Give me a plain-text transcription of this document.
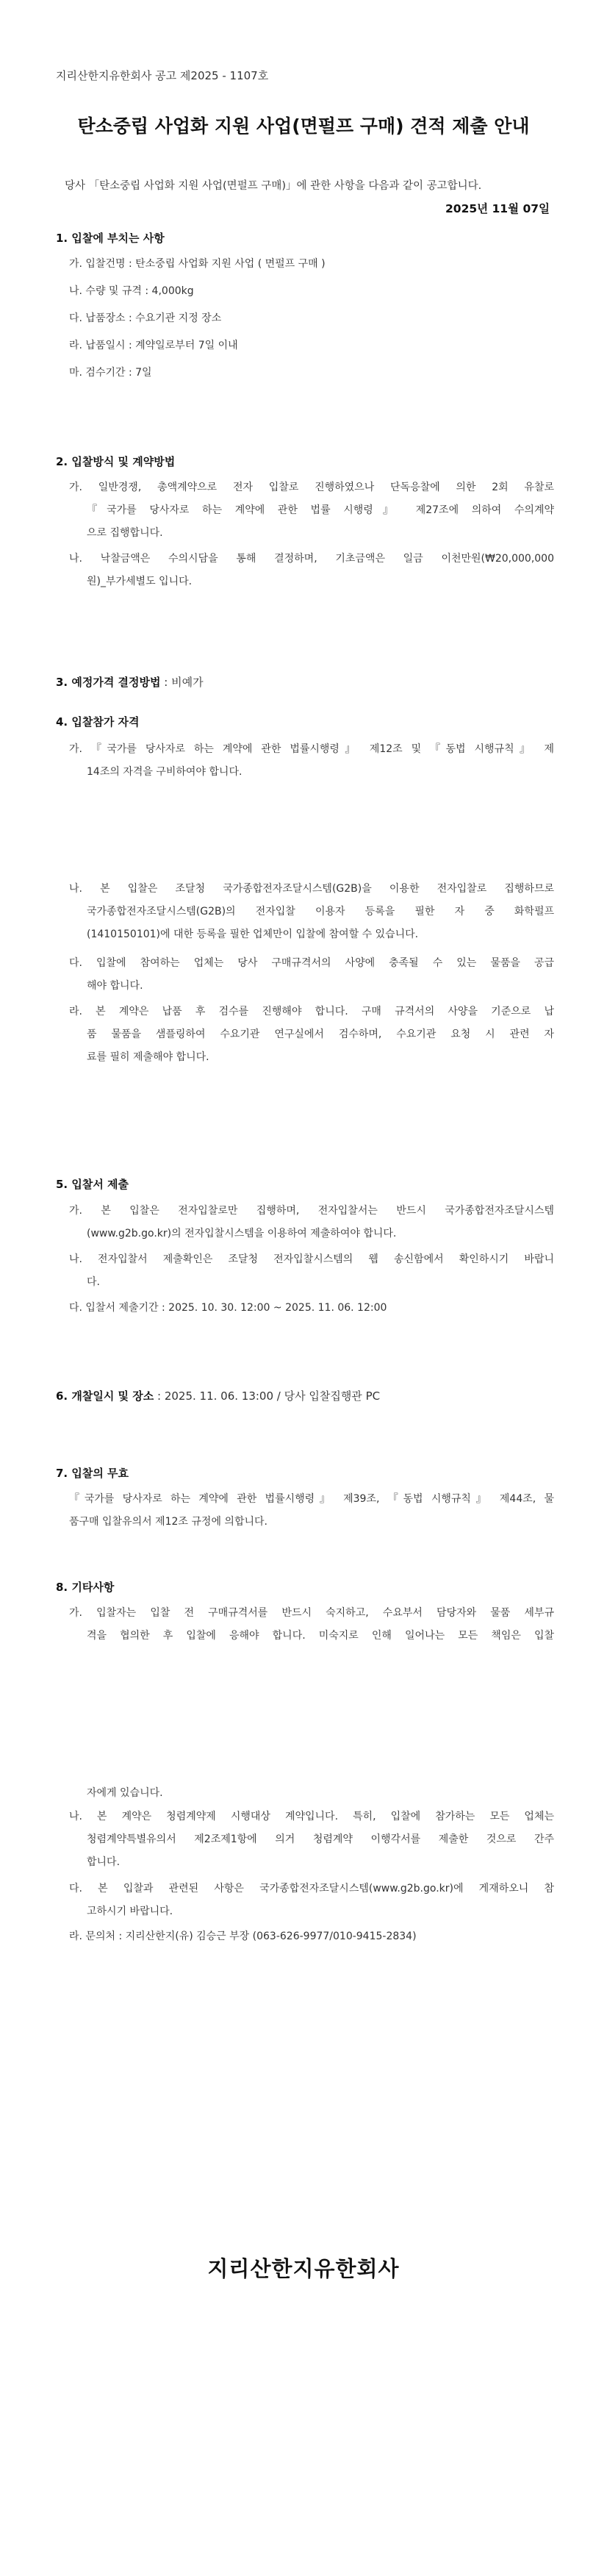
지리산한지유한회사 공고 제2025 - 1107호
탄소중립 사업화 지원 사업(면펄프 구매) 견적 제출 안내
당사 「탄소중립 사업화 지원 사업(면펄프 구매)」에 관한 사항을 다음과 같이 공고합니다.
2025년 11월 07일
1. 입찰에 부치는 사항
가. 입찰건명 : 탄소중립 사업화 지원 사업 ( 면펄프 구매 )
나. 수량 및 규격 : 4,000kg
다. 납품장소 : 수요기관 지정 장소
라. 납품일시 : 계약일로부터 7일 이내
마. 검수기간 : 7일
2. 입찰방식 및 계약방법
가. 일반경쟁, 총액계약으로 전자 입찰로 진행하였으나 단독응찰에 의한 2회 유찰로
『국가를 당사자로 하는 계약에 관한 법률 시행령』 제27조에 의하여 수의계약
으로 집행합니다.
나. 낙찰금액은 수의시담을 통해 결정하며, 기초금액은 일금 이천만원(₩20,000,000
원)_부가세별도 입니다.
3. 예정가격 결정방법 : 비예가
4. 입찰참가 자격
가. 『국가를 당사자로 하는 계약에 관한 법률시행령』 제12조 및 『동법 시행규칙』 제
14조의 자격을 구비하여야 합니다.
나. 본 입찰은 조달청 국가종합전자조달시스템(G2B)을 이용한 전자입찰로 집행하므로
국가종합전자조달시스템(G2B)의 전자입찰 이용자 등록을 필한 자 중 화학펄프
(1410150101)에 대한 등록을 필한 업체만이 입찰에 참여할 수 있습니다.
다. 입찰에 참여하는 업체는 당사 구매규격서의 사양에 충족될 수 있는 물품을 공급
해야 합니다.
라. 본 계약은 납품 후 검수를 진행해야 합니다. 구매 규격서의 사양을 기준으로 납
품 물품을 샘플링하여 수요기관 연구실에서 검수하며, 수요기관 요청 시 관련 자
료를 필히 제출해야 합니다.
5. 입찰서 제출
가. 본 입찰은 전자입찰로만 집행하며, 전자입찰서는 반드시 국가종합전자조달시스템
(www.g2b.go.kr)의 전자입찰시스템을 이용하여 제출하여야 합니다.
나. 전자입찰서 제출확인은 조달청 전자입찰시스템의 웹 송신함에서 확인하시기 바랍니
다.
다. 입찰서 제출기간 : 2025. 10. 30. 12:00 ~ 2025. 11. 06. 12:00
6. 개찰일시 및 장소 : 2025. 11. 06. 13:00 / 당사 입찰집행관 PC
7. 입찰의 무효
『국가를 당사자로 하는 계약에 관한 법률시행령』 제39조, 『동법 시행규칙』 제44조, 물
품구매 입찰유의서 제12조 규정에 의합니다.
8. 기타사항
가. 입찰자는 입찰 전 구매규격서를 반드시 숙지하고, 수요부서 담당자와 물품 세부규
격을 협의한 후 입찰에 응해야 합니다. 미숙지로 인해 일어나는 모든 책임은 입찰
자에게 있습니다.
나. 본 계약은 청렴계약제 시행대상 계약입니다. 특히, 입찰에 참가하는 모든 업체는
청렴계약특별유의서 제2조제1항에 의거 청렴계약 이행각서를 제출한 것으로 간주
합니다.
다. 본 입찰과 관련된 사항은 국가종합전자조달시스템(www.g2b.go.kr)에 게재하오니 참
고하시기 바랍니다.
라. 문의처 : 지리산한지(유) 김승근 부장 (063-626-9977/010-9415-2834)
지리산한지유한회사
